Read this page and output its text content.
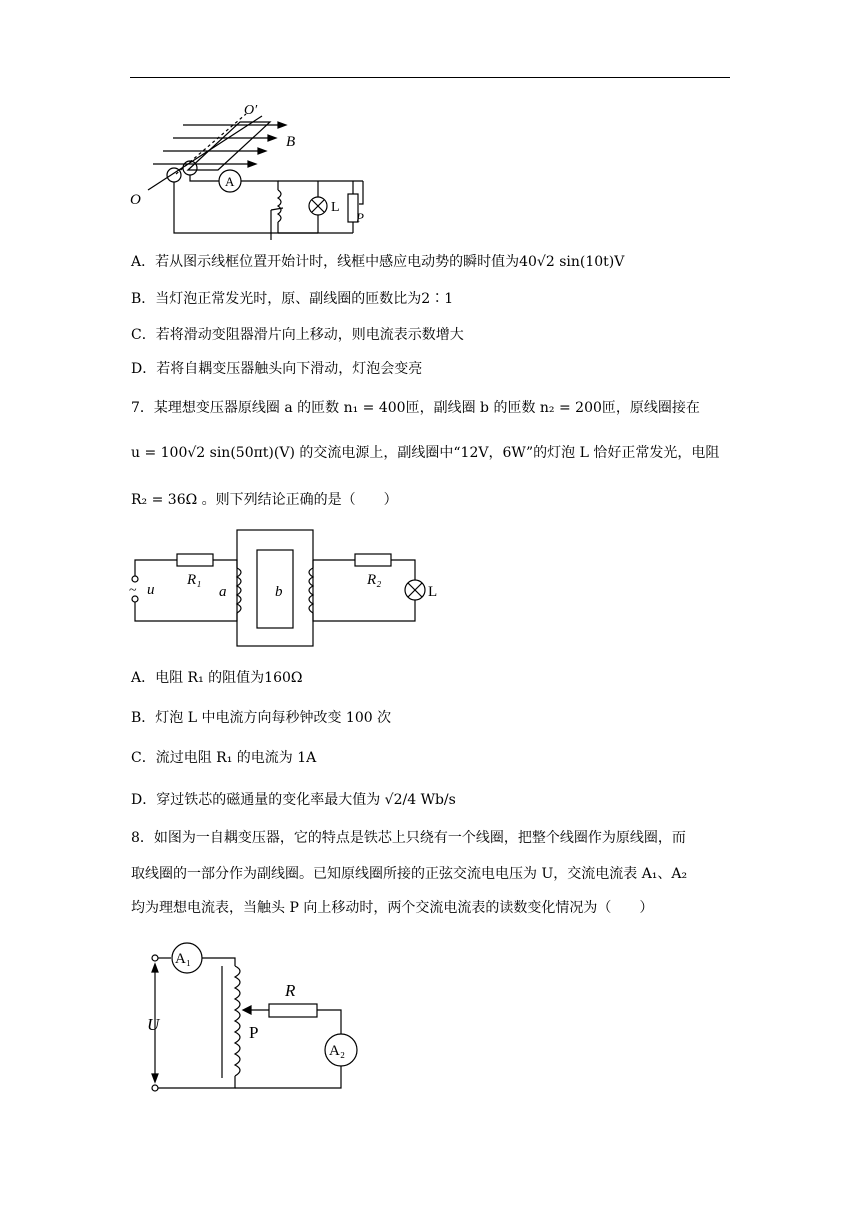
O′
B
O
A
L
P
A．若从图示线框位置开始计时，线框中感应电动势的瞬时值为40√2 sin(10t)V
B．当灯泡正常发光时，原、副线圈的匝数比为2∶1
C．若将滑动变阻器滑片向上移动，则电流表示数增大
D．若将自耦变压器触头向下滑动，灯泡会变亮
7．某理想变压器原线圈 a 的匝数 n₁ = 400匝，副线圈 b 的匝数 n₂ = 200匝，原线圈接在
u = 100√2 sin(50πt)(V) 的交流电源上，副线圈中“12V，6W”的灯泡 L 恰好正常发光，电阻
R₂ = 36Ω 。则下列结论正确的是（　　）
~ u
R₁
a	b
R₂
L
A．电阻 R₁ 的阻值为160Ω
B．灯泡 L 中电流方向每秒钟改变 100 次
C．流过电阻 R₁ 的电流为 1A
D．穿过铁芯的磁通量的变化率最大值为 √2/4 Wb/s
8．如图为一自耦变压器，它的特点是铁芯上只绕有一个线圈，把整个线圈作为原线圈，而
取线圈的一部分作为副线圈。已知原线圈所接的正弦交流电电压为 U，交流电流表 A₁、A₂
均为理想电流表，当触头 P 向上移动时，两个交流电流表的读数变化情况为（　　）
A₁
A₂
R
P
U
